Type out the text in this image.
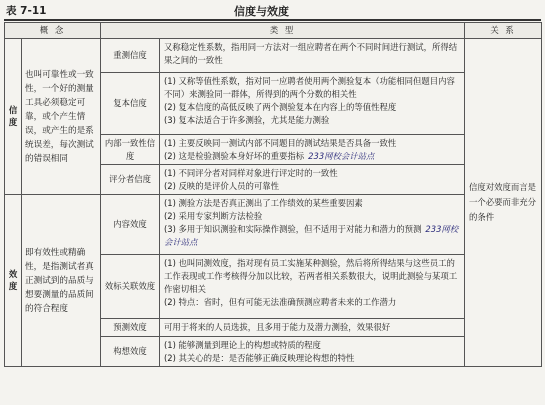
表 7-11	信度与效度
概 念		类 型		关 系
信度	也叫可靠性或一致性，一个好的测量工具必须稳定可靠，或个产生情误，或产生的是系统误差，每次测试的错误相同	重测信度	又称稳定性系数，指用同一方法对一组应聘者在两个不同时间进行测试，所得结果之间的一致性	信度对效度而言是一个必要而非充分的条件
		复本信度	(1) 又称等值性系数，指对同一应聘者使用两个测验复本（功能相同但题目内容不同）来测验同一群体，所得到的两个分数的相关性

(2) 复本信度的高低反映了两个测验复本在内容上的等值性程度

(3) 复本法适合于许多测验，尤其是能力测验	

		内部一致性信度	(1) 主要反映同一测试内部不同题目的测试结果是否具备一致性

(2) 这是检验测验本身好坏的重要指标 233网校会计站点	

		评分者信度	(1) 不同评分者对同样对象进行评定时的一致性

(2) 反映的是评价人员的可靠性	

效度	即有效性或精确性，是指测试者真正测试到的品质与想要测量的品质间的符合程度	内容效度	(1) 测验方法是否真正测出了工作绩效的某些重要因素

(2) 采用专家判断方法检验

(3) 多用于知识测验和实际操作测验，但不适用于对能力和潜力的预测 233网校会计站点	

		效标关联效度	(1) 也叫同测效度，指对现有员工实施某种测验，然后将所得结果与这些员工的工作表现或工作考核得分加以比较，若两者相关系数很大，说明此测验与某项工作密切相关

(2) 特点：省时，但有可能无法准确预测应聘者未来的工作潜力	

		预测效度	可用于将来的人员选拔，且多用于能力及潜力测验，效果很好	

		构想效度	(1) 能够测量到理论上的构想或特质的程度

(2) 其关心的是：是否能够正确反映理论构想的特性	
